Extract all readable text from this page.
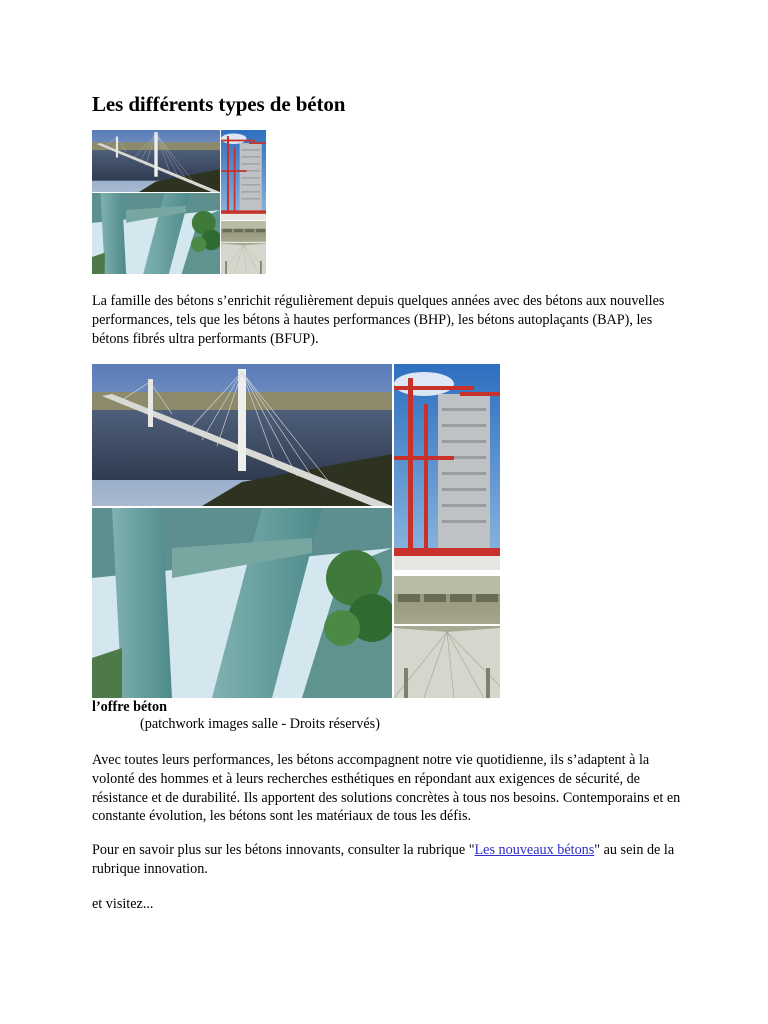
Les différents types de béton

La famille des bétons s’enrichit régulièrement depuis quelques années avec des bétons aux nouvelles performances, tels que les bétons à hautes performances (BHP), les bétons autoplaçants (BAP), les bétons fibrés ultra performants (BFUP).

l’offre béton
(patchwork images salle - Droits réservés)

Avec toutes leurs performances, les bétons accompagnent notre vie quotidienne, ils s’adaptent à la volonté des hommes et à leurs recherches esthétiques en répondant aux exigences de sécurité, de résistance et de durabilité. Ils apportent des solutions concrètes à tous nos besoins. Contemporains et en constante évolution, les bétons sont les matériaux de tous les défis.

Pour en savoir plus sur les bétons innovants, consulter la rubrique "Les nouveaux bétons" au sein de la rubrique innovation.

et visitez...
